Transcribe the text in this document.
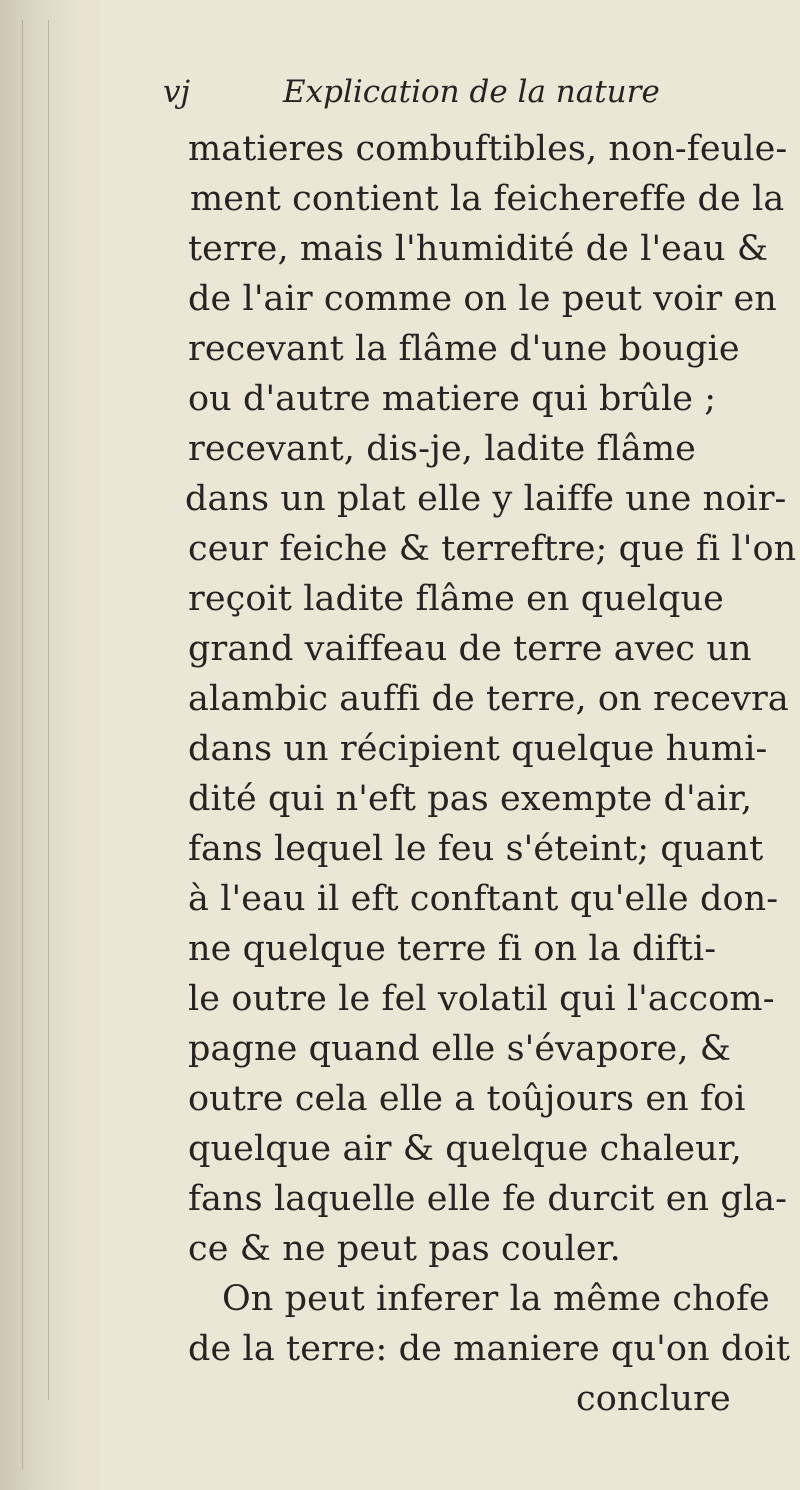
vj	Explication de la nature
matieres combuftibles, non-feule-
ment contient la feichereffe de la
terre, mais l'humidité de l'eau &
de l'air comme on le peut voir en
recevant la flâme d'une bougie
ou d'autre matiere qui brûle ;
recevant, dis-je, ladite flâme
dans un plat elle y laiffe une noir-
ceur feiche & terreftre; que fi l'on
reçoit ladite flâme en quelque
grand vaiffeau de terre avec un
alambic auffi de terre, on recevra
dans un récipient quelque humi-
dité qui n'eft pas exempte d'air,
fans lequel le feu s'éteint; quant
à l'eau il eft conftant qu'elle don-
ne quelque terre fi on la difti-
le outre le fel volatil qui l'accom-
pagne quand elle s'évapore, &
outre cela elle a toûjours en foi
quelque air & quelque chaleur,
fans laquelle elle fe durcit en gla-
ce & ne peut pas couler.
On peut inferer la même chofe
de la terre: de maniere qu'on doit
conclure
